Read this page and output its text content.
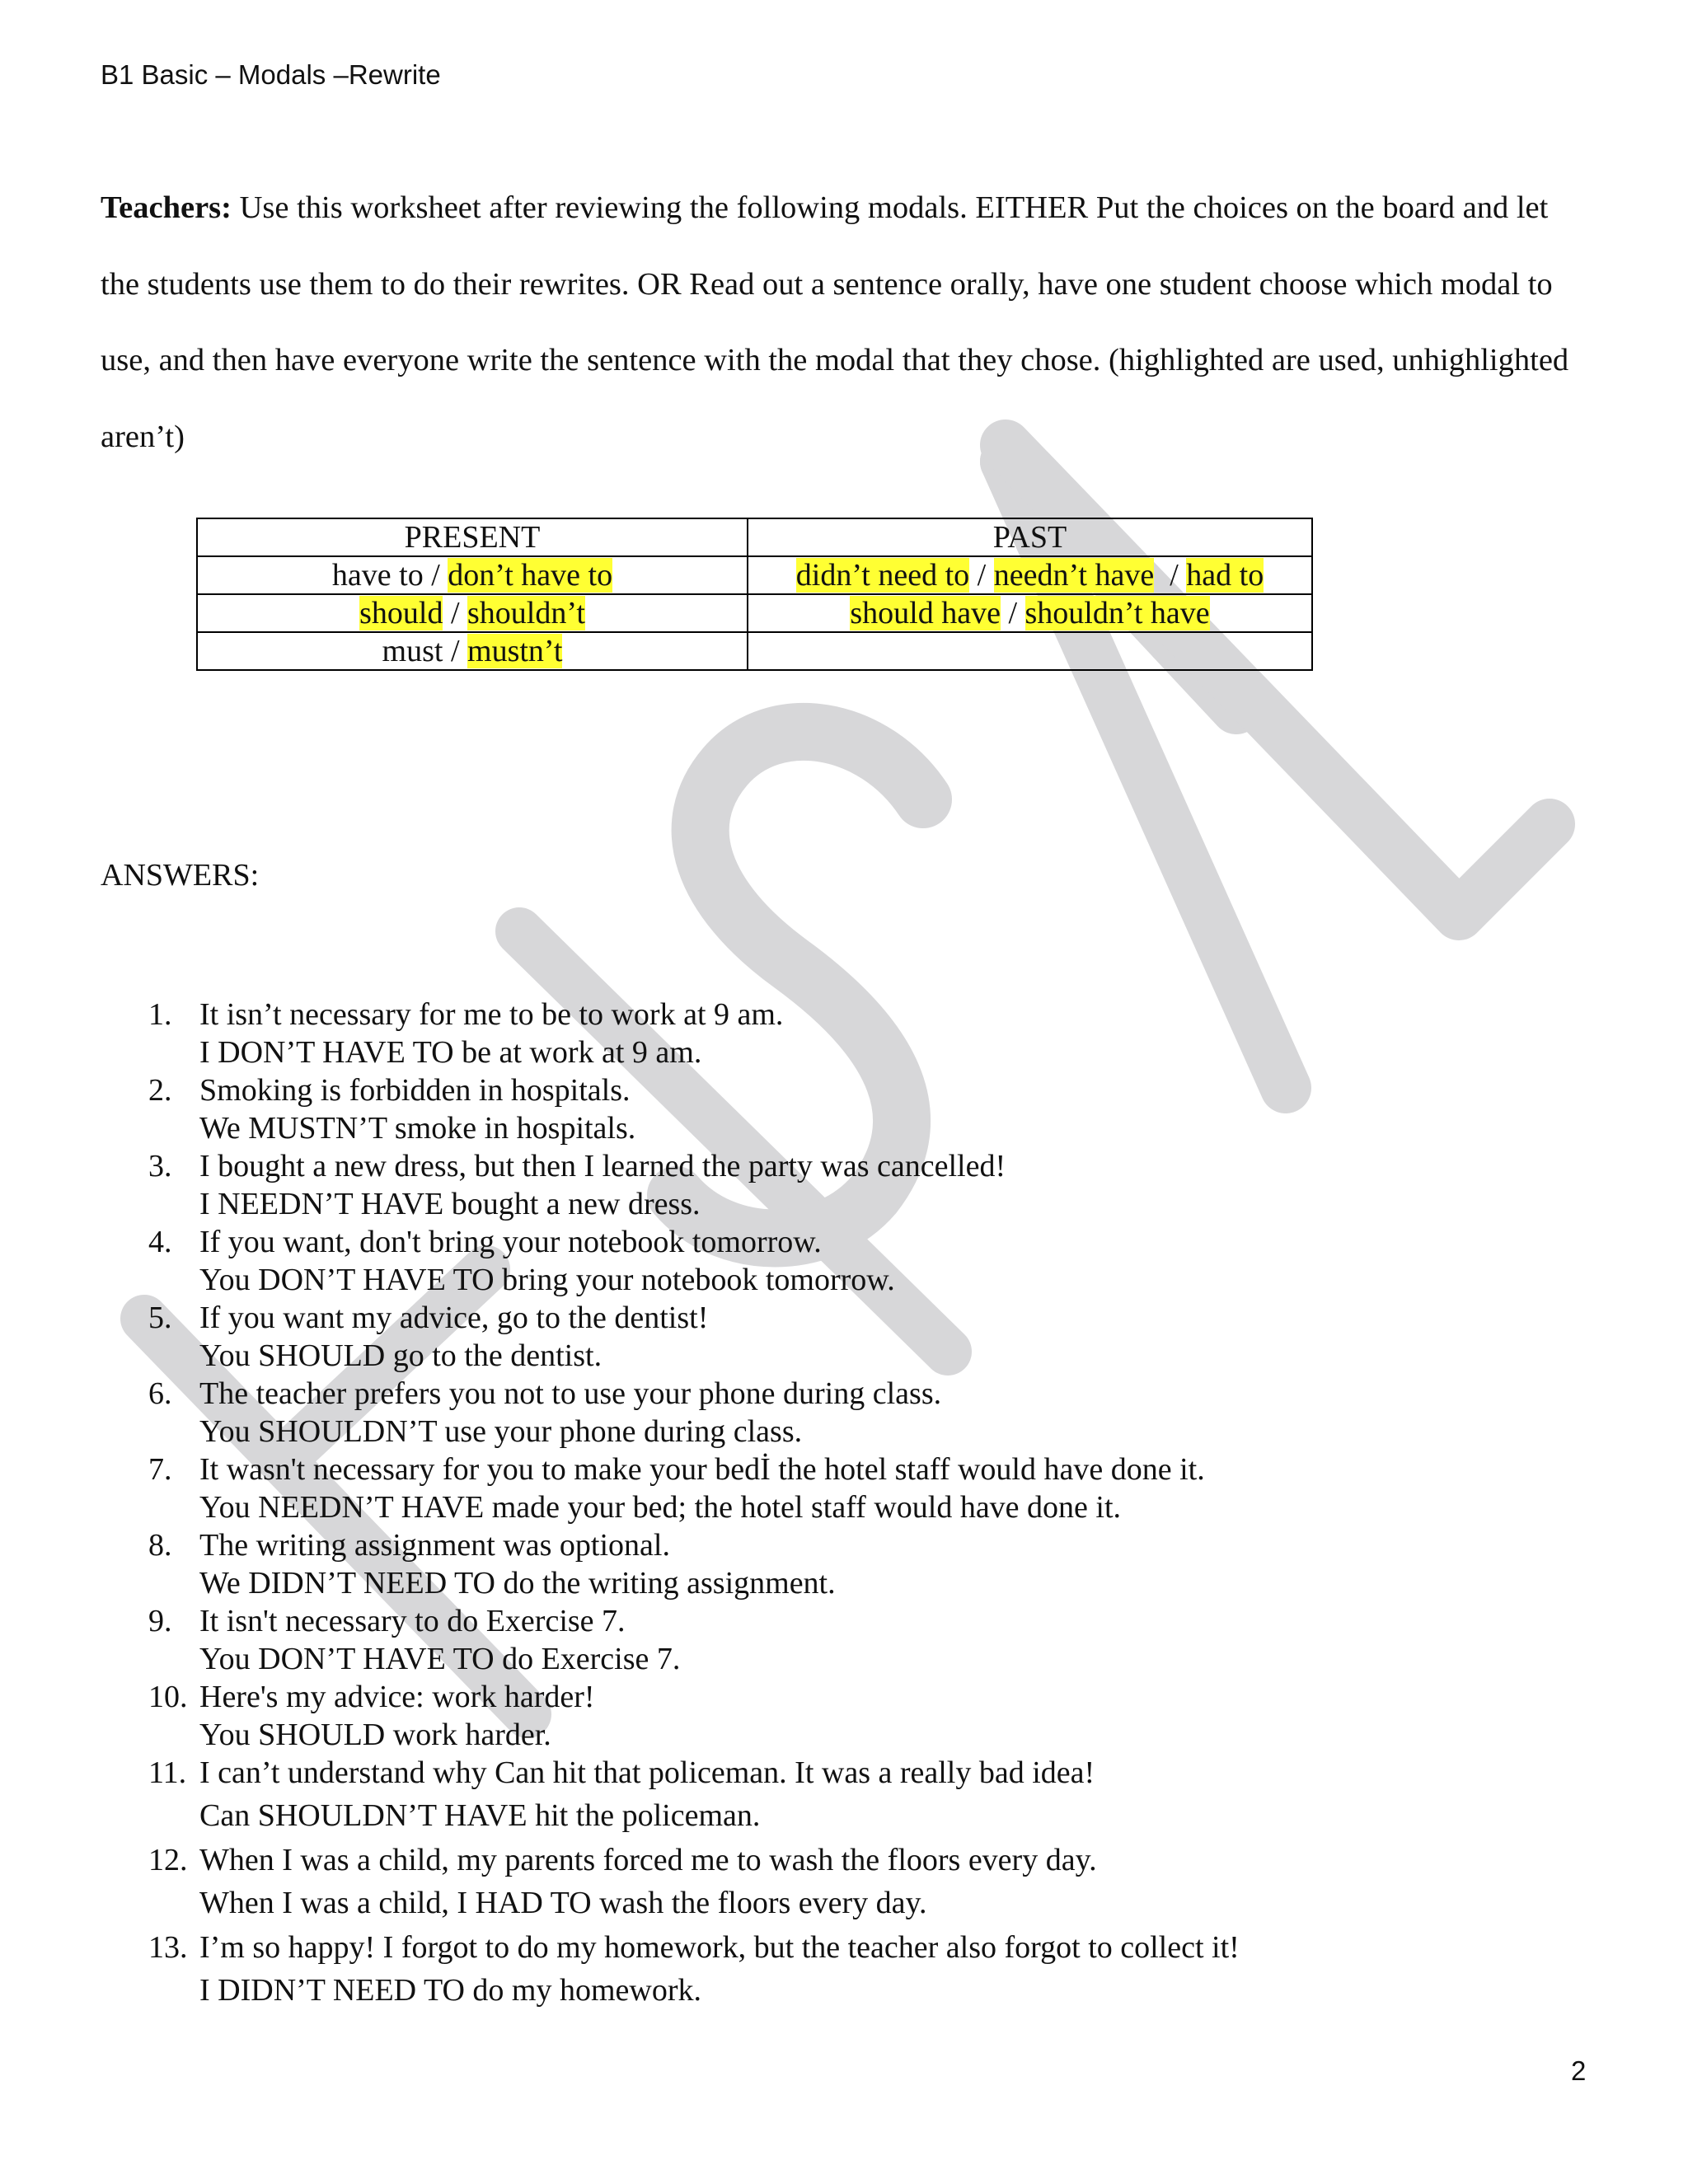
B1 Basic – Modals –Rewrite

Teachers: Use this worksheet after reviewing the following modals. EITHER Put the choices on the board and let the students use them to do their rewrites. OR Read out a sentence orally, have one student choose which modal to use, and then have everyone write the sentence with the modal that they chose. (highlighted are used, unhighlighted aren’t)

PRESENT	PAST
have to / don’t have to	didn’t need to / needn’t have  / had to
should / shouldn’t	should have / shouldn’t have
must / mustn’t	
ANSWERS:
1. It isn’t necessary for me to be to work at 9 am.
I DON’T HAVE TO be at work at 9 am.
2. Smoking is forbidden in hospitals.
We MUSTN’T smoke in hospitals.
3. I bought a new dress, but then I learned the party was cancelled!
I NEEDN’T HAVE bought a new dress.
4. If you want, don't bring your notebook tomorrow.
You DON’T HAVE TO bring your notebook tomorrow.
5. If you want my advice, go to the dentist!
You SHOULD go to the dentist.
6. The teacher prefers you not to use your phone during class.
You SHOULDN’T use your phone during class.
7. It wasn't necessary for you to make your bedİ the hotel staff would have done it.
You NEEDN’T HAVE made your bed; the hotel staff would have done it.
8. The writing assignment was optional.
We DIDN’T NEED TO do the writing assignment.
9. It isn't necessary to do Exercise 7.
You DON’T HAVE TO do Exercise 7.
10. Here's my advice: work harder!
You SHOULD work harder.
11. I can’t understand why Can hit that policeman. It was a really bad idea!
Can SHOULDN’T HAVE hit the policeman.
12. When I was a child, my parents forced me to wash the floors every day.
When I was a child, I HAD TO wash the floors every day.
13. I’m so happy! I forgot to do my homework, but the teacher also forgot to collect it!
I DIDN’T NEED TO do my homework.
2
